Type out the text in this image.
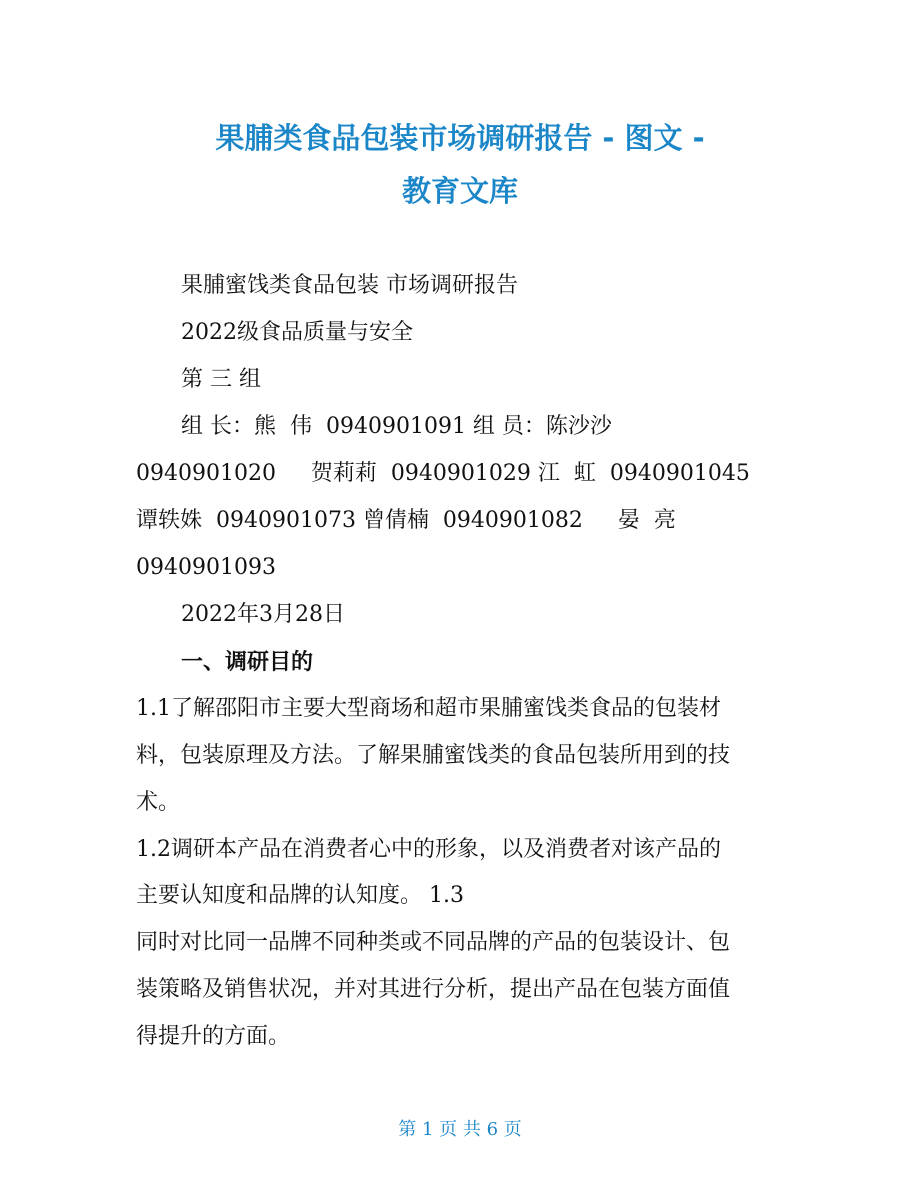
果脯类食品包装市场调研报告 - 图文 -
教育文库
果脯蜜饯类食品包装 市场调研报告
2022级食品质量与安全
第 三 组
组 长：熊  伟  0940901091 组 员：陈沙沙
0940901020     贺莉莉  0940901029 江  虹  0940901045
谭轶姝  0940901073 曾倩楠  0940901082     晏  亮
0940901093
2022年3月28日
一、调研目的
1.1了解邵阳市主要大型商场和超市果脯蜜饯类食品的包装材
料，包装原理及方法。了解果脯蜜饯类的食品包装所用到的技
术。
1.2调研本产品在消费者心中的形象，以及消费者对该产品的
主要认知度和品牌的认知度。 1.3
同时对比同一品牌不同种类或不同品牌的产品的包装设计、包
装策略及销售状况，并对其进行分析，提出产品在包装方面值
得提升的方面。
第 1 页 共 6 页
